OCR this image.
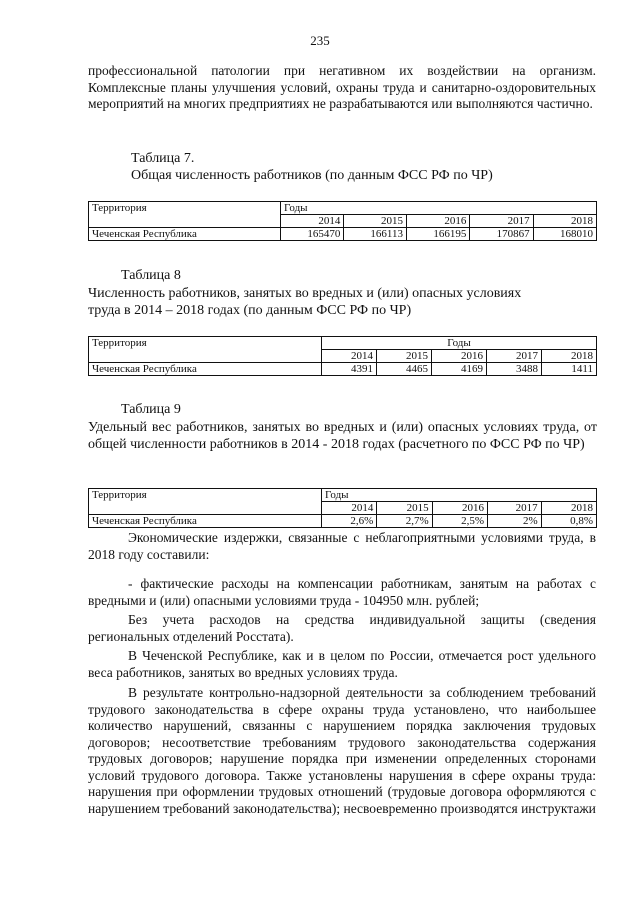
235
профессиональной патологии при негативном их воздействии на организм. Комплексные планы улучшения условий, охраны труда и санитарно-оздоровительных мероприятий на многих предприятиях не разрабатываются или выполняются частично.
Таблица 7.
Общая численность работников (по данным ФСС РФ по ЧР)
Территория	Годы				
	2014	2015	2016	2017	2018
Чеченская Республика	165470	166113	166195	170867	168010
Таблица 8
Численность работников, занятых во вредных и (или) опасных условиях
труда в 2014 – 2018 годах (по данным ФСС РФ по ЧР)
Территория	Годы				
	2014	2015	2016	2017	2018
Чеченская Республика	4391	4465	4169	3488	1411
Таблица 9
Удельный вес работников, занятых во вредных и (или) опасных условиях труда, от общей численности работников в 2014 - 2018 годах (расчетного по ФСС РФ по ЧР)
Территория	Годы				
	2014	2015	2016	2017	2018
Чеченская Республика	2,6%	2,7%	2,5%	2%	0,8%
Экономические издержки, связанные с неблагоприятными условиями труда, в 2018 году составили:
- фактические расходы на компенсации работникам, занятым на работах с вредными и (или) опасными условиями труда - 104950 млн. рублей;
Без учета расходов на средства индивидуальной защиты (сведения региональных отделений Росстата).
В Чеченской Республике, как и в целом по России, отмечается рост удельного веса работников, занятых во вредных условиях труда.
В результате контрольно-надзорной деятельности за соблюдением требований трудового законодательства в сфере охраны труда установлено, что наибольшее количество нарушений, связанны с нарушением порядка заключения трудовых договоров; несоответствие требованиям трудового законодательства содержания трудовых договоров; нарушение порядка при изменении определенных сторонами условий трудового договора. Также установлены нарушения в сфере охраны труда: нарушения при оформлении трудовых отношений (трудовые договора оформляются с нарушением требований законодательства); несвоевременно производятся инструктажи
